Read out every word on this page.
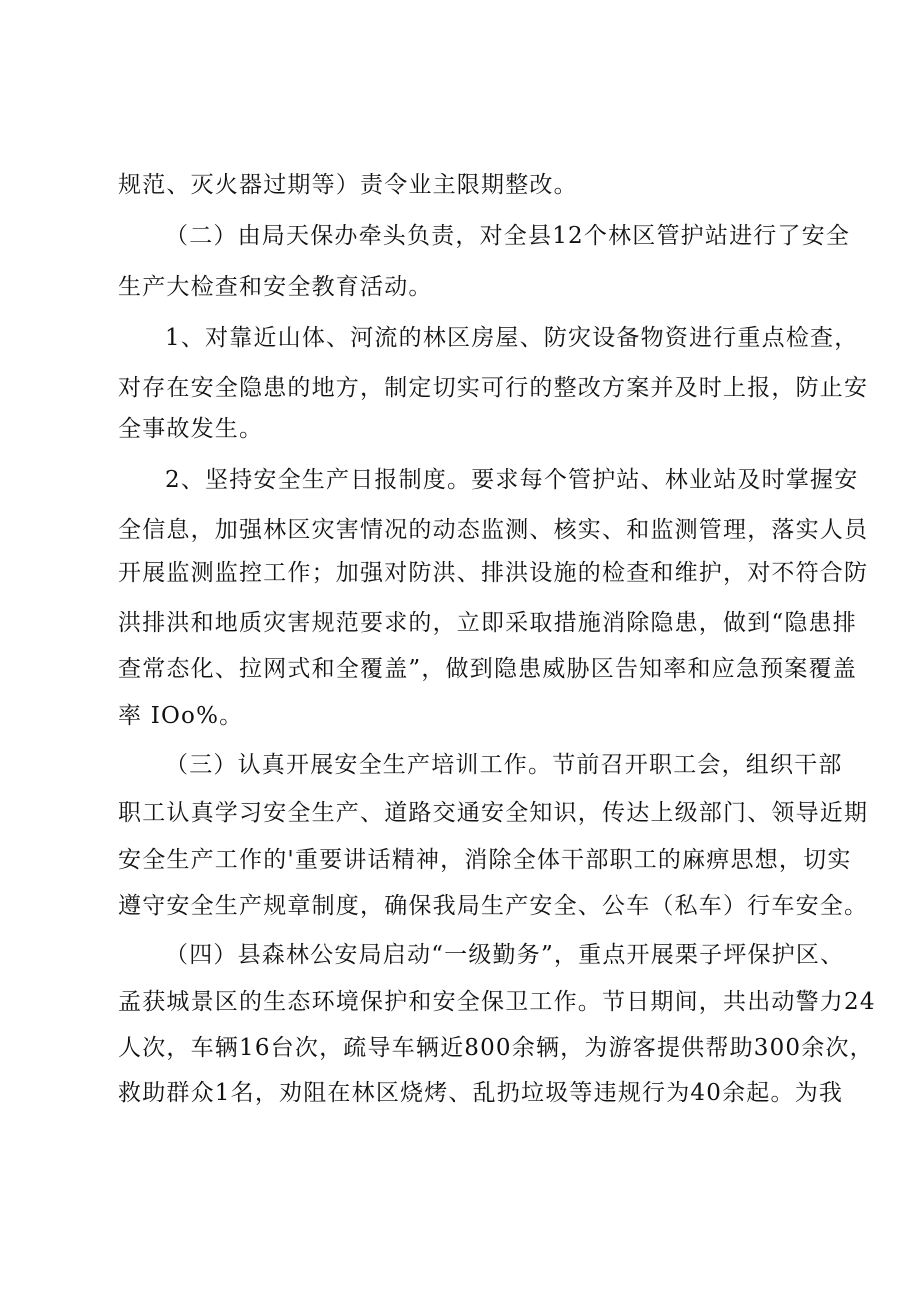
规范、灭火器过期等）责令业主限期整改。
（二）由局天保办牵头负责，对全县12个林区管护站进行了安全
生产大检查和安全教育活动。
1、对靠近山体、河流的林区房屋、防灾设备物资进行重点检查，
对存在安全隐患的地方，制定切实可行的整改方案并及时上报，防止安
全事故发生。
2、坚持安全生产日报制度。要求每个管护站、林业站及时掌握安
全信息，加强林区灾害情况的动态监测、核实、和监测管理，落实人员
开展监测监控工作；加强对防洪、排洪设施的检查和维护，对不符合防
洪排洪和地质灾害规范要求的，立即采取措施消除隐患，做到“隐患排
查常态化、拉网式和全覆盖”，做到隐患威胁区告知率和应急预案覆盖
率 IOo%。
（三）认真开展安全生产培训工作。节前召开职工会，组织干部
职工认真学习安全生产、道路交通安全知识，传达上级部门、领导近期
安全生产工作的'重要讲话精神，消除全体干部职工的麻痹思想，切实
遵守安全生产规章制度，确保我局生产安全、公车（私车）行车安全。
（四）县森林公安局启动“一级勤务”，重点开展栗子坪保护区、
孟获城景区的生态环境保护和安全保卫工作。节日期间，共出动警力24
人次，车辆16台次，疏导车辆近800余辆，为游客提供帮助300余次，
救助群众1名，劝阻在林区烧烤、乱扔垃圾等违规行为40余起。为我
